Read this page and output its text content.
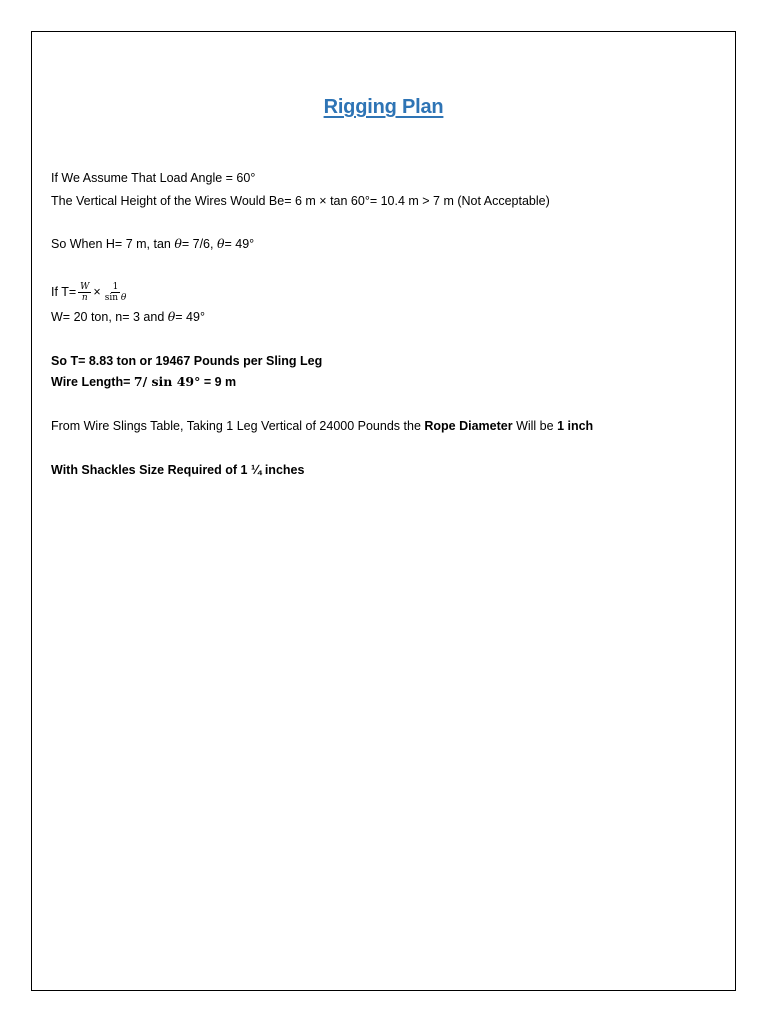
Rigging Plan
If We Assume That Load Angle = 60°
The Vertical Height of the Wires Would Be= 6 m × tan 60°= 10.4 m > 7 m (Not Acceptable)
So When H= 7 m, tan θ= 7/6, θ= 49°
If $T= \frac{W}{n} \times \frac{1}{\text{sin θ}}$
W= 20 ton, n= 3 and θ= 49°
So T= 8.83 ton or 19467 Pounds per Sling Leg
Wire Length= 7/ sin 49° = 9 m
From Wire Slings Table, Taking 1 Leg Vertical of 24000 Pounds the Rope Diameter Will be 1 inch
With Shackles Size Required of 1 ¼ inches
